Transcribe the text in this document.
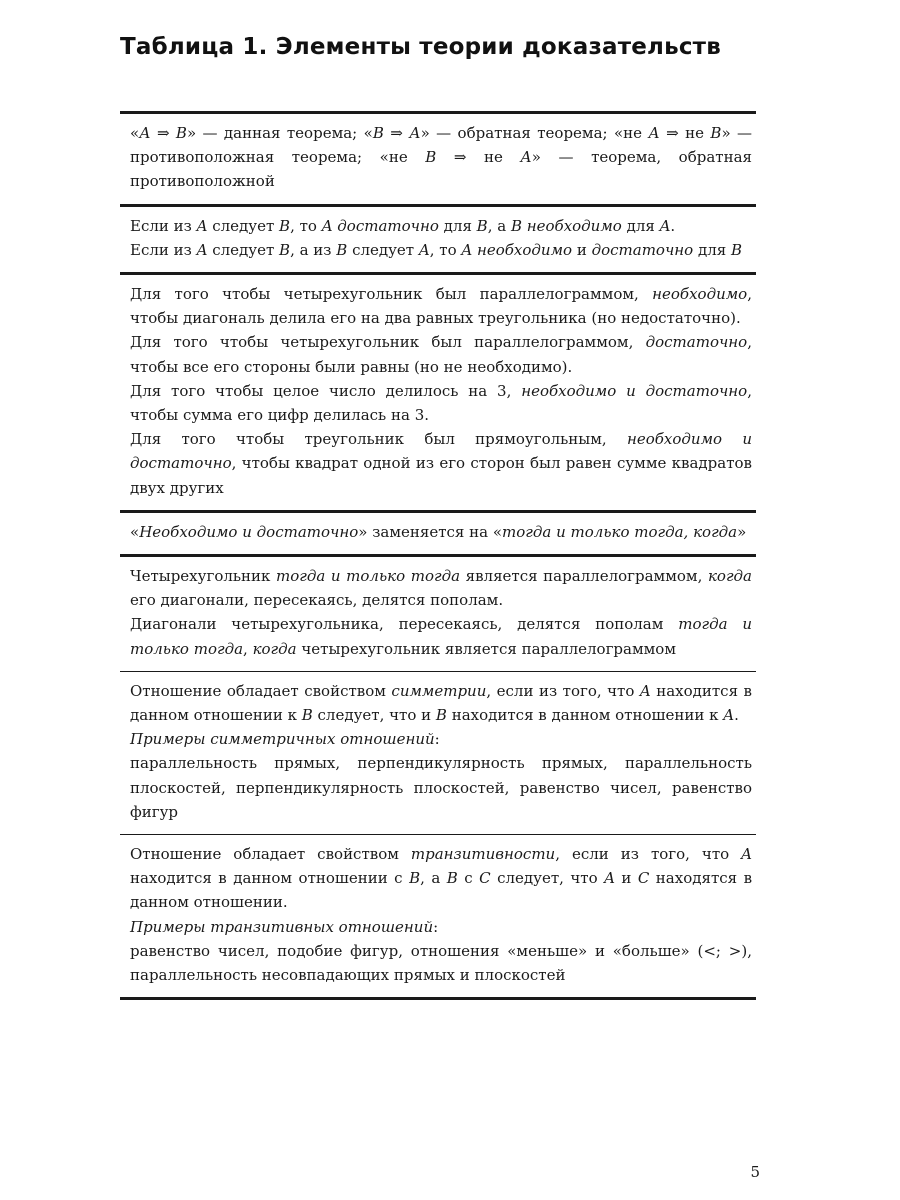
Таблица 1. Элементы теории доказательств

«А ⇒ В» — данная теорема; «В ⇒ А» — обратная теорема; «не А ⇒ не В» — противоположная теорема; «не В ⇒ не А» — теорема, обратная противоположной

Если из A следует B, то A достаточно для B, а B необходимо для A.

Если из A следует B, а из B следует A, то A необходимо и достаточно для B

Для того чтобы четырехугольник был параллелограммом, необходимо, чтобы диагональ делила его на два равных треугольника (но недостаточно).

Для того чтобы четырехугольник был параллелограммом, достаточно, чтобы все его стороны были равны (но не необходимо).

Для того чтобы целое число делилось на 3, необходимо и достаточно, чтобы сумма его цифр делилась на 3.

Для того чтобы треугольник был прямоугольным, необходимо и достаточно, чтобы квадрат одной из его сторон был равен сумме квадратов двух других

«Необходимо и достаточно» заменяется на «тогда и только тогда, когда»

Четырехугольник тогда и только тогда является параллелограммом, когда его диагонали, пересекаясь, делятся пополам.

Диагонали четырехугольника, пересекаясь, делятся пополам тогда и только тогда, когда четырехугольник является параллелограммом

Отношение обладает свойством симметрии, если из того, что A находится в данном отношении к B следует, что и B находится в данном отношении к A.

Примеры симметричных отношений:

параллельность прямых, перпендикулярность прямых, параллельность плоскостей, перпендикулярность плоскостей, равенство чисел, равенство фигур

Отношение обладает свойством транзитивности, если из того, что A находится в данном отношении с B, а B с C следует, что A и C находятся в данном отношении.

Примеры транзитивных отношений:

равенство чисел, подобие фигур, отношения «меньше» и «больше» (<; >), параллельность несовпадающих прямых и плоскостей

5
